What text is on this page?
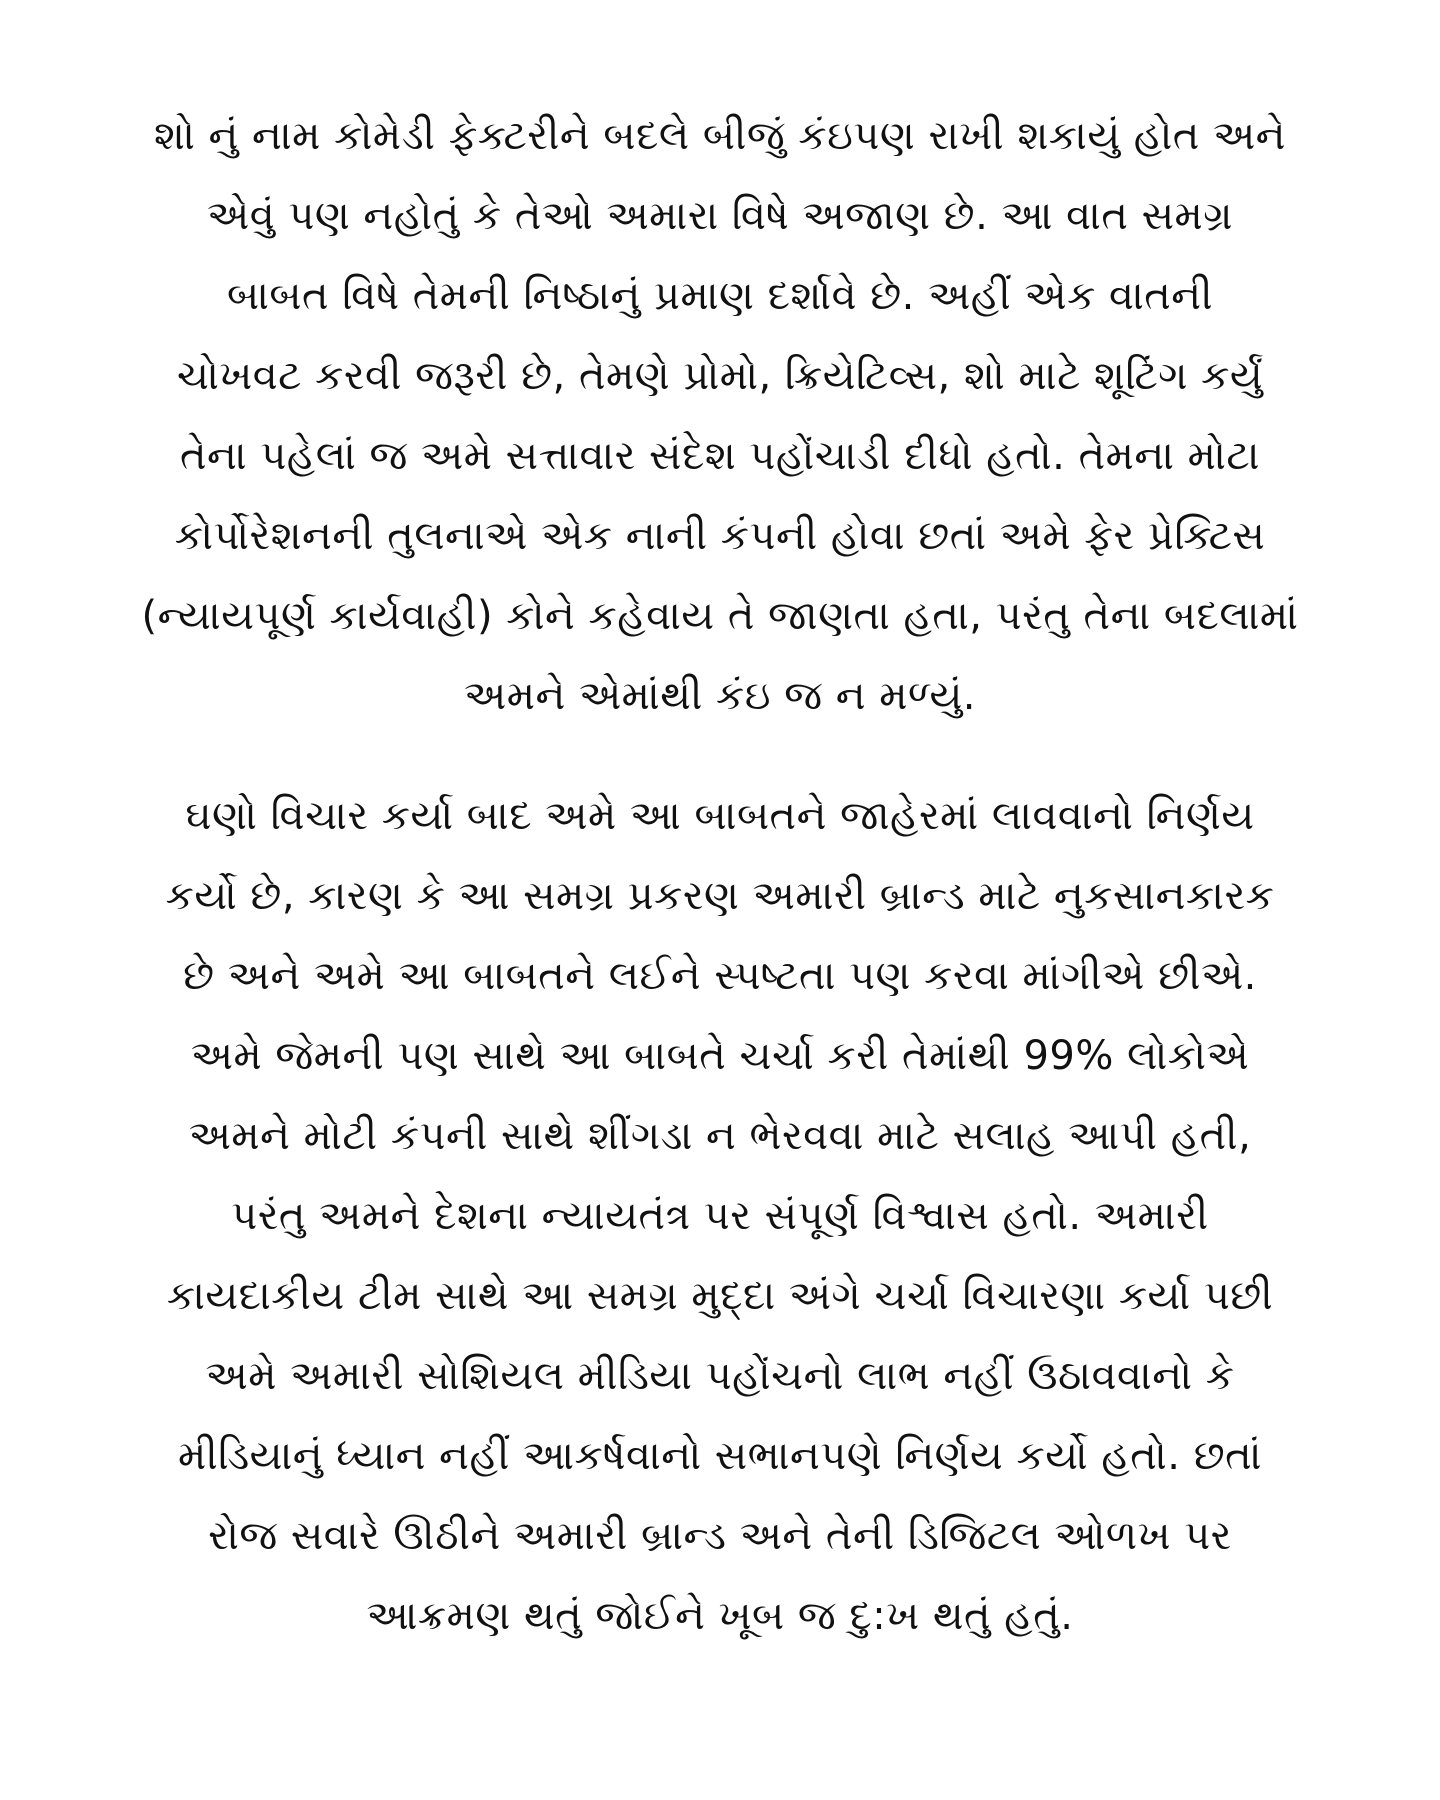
શો નું નામ કોમેડી ફેક્ટરીને બદલે બીજું કંઇપણ રાખી શકાયું હોત અને
એવું પણ નહોતું કે તેઓ અમારા વિષે અજાણ છે. આ વાત સમગ્ર
બાબત વિષે તેમની નિષ્ઠાનું પ્રમાણ દર્શાવે છે. અહીં એક વાતની
ચોખવટ કરવી જરૂરી છે, તેમણે પ્રોમો, ક્રિયેટિવ્સ, શો માટે શૂટિંગ કર્યું
તેના પહેલાં જ અમે સત્તાવાર સંદેશ પહોંચાડી દીધો હતો. તેમના મોટા
કોર્પોરેશનની તુલનાએ એક નાની કંપની હોવા છતાં અમે ફેર પ્રેક્ટિસ
(ન્યાયપૂર્ણ કાર્યવાહી) કોને કહેવાય તે જાણતા હતા, પરંતુ તેના બદલામાં
અમને એમાંથી કંઇ જ ન મળ્યું.
ઘણો વિચાર કર્યા બાદ અમે આ બાબતને જાહેરમાં લાવવાનો નિર્ણય
કર્યો છે, કારણ કે આ સમગ્ર પ્રકરણ અમારી બ્રાન્ડ માટે નુકસાનકારક
છે અને અમે આ બાબતને લઈને સ્પષ્ટતા પણ કરવા માંગીએ છીએ.
અમે જેમની પણ સાથે આ બાબતે ચર્ચા કરી તેમાંથી 99% લોકોએ
અમને મોટી કંપની સાથે શીંગડા ન ભેરવવા માટે સલાહ આપી હતી,
પરંતુ અમને દેશના ન્યાયતંત્ર પર સંપૂર્ણ વિશ્વાસ હતો. અમારી
કાયદાકીય ટીમ સાથે આ સમગ્ર મુદ્દા અંગે ચર્ચા વિચારણા કર્યા પછી
અમે અમારી સોશિયલ મીડિયા પહોંચનો લાભ નહીં ઉઠાવવાનો કે
મીડિયાનું ધ્યાન નહીં આકર્ષવાનો સભાનપણે નિર્ણય કર્યો હતો. છતાં
રોજ સવારે ઊઠીને અમારી બ્રાન્ડ અને તેની ડિજિટલ ઓળખ પર
આક્રમણ થતું જોઈને ખૂબ જ દુ:ખ થતું હતું.
